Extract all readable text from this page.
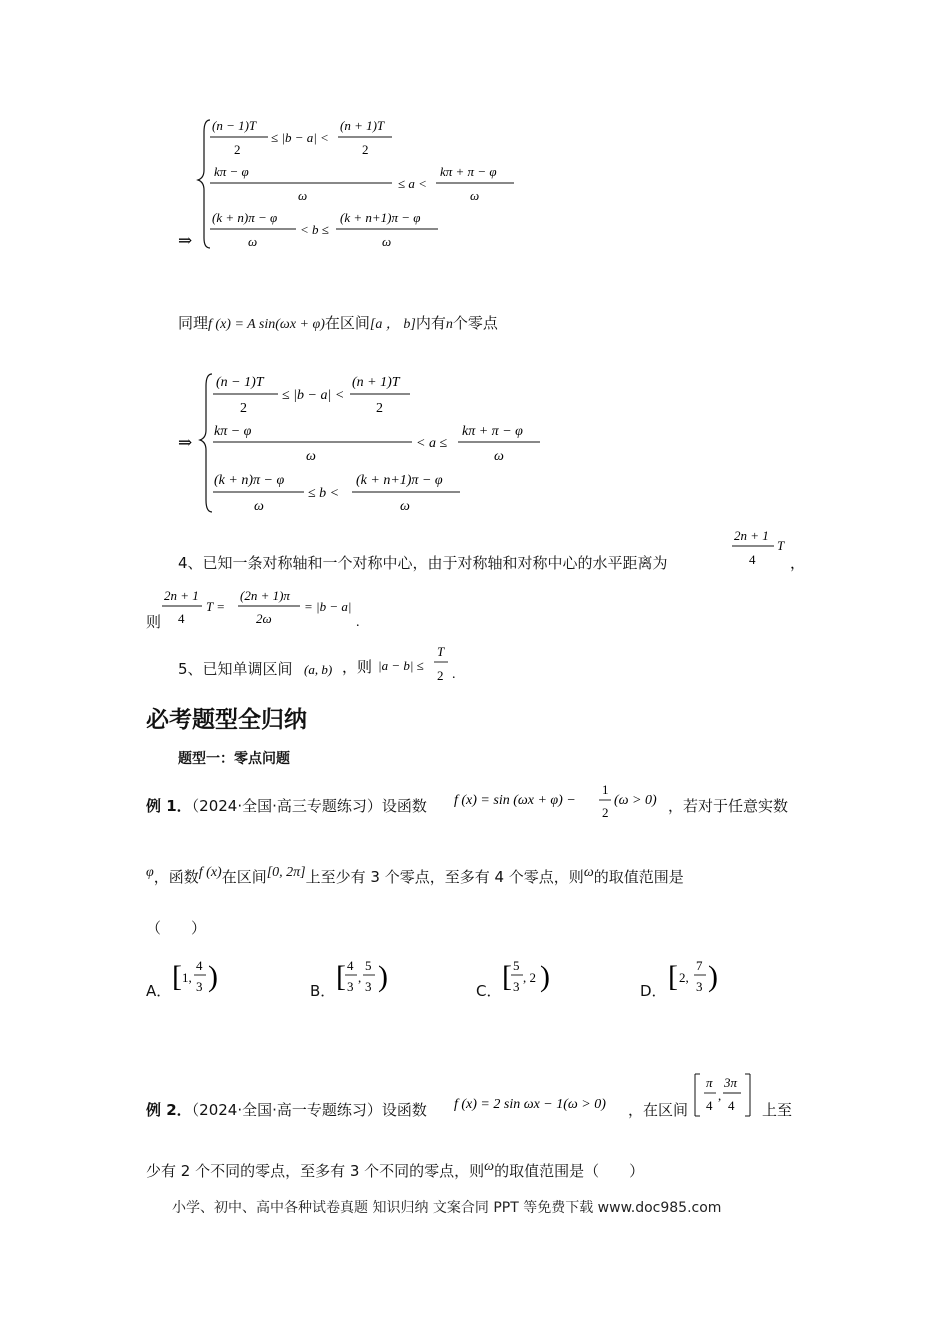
⇒
(n − 1)T
2
≤ |b − a| <
(n + 1)T
2
kπ − φ
ω
≤ a <
kπ + π − φ
ω
(k + n)π − φ
ω
< b ≤
(k + n+1)π − φ
ω
同理f (x) = A sin(ωx + φ)在区间[a ， b]内有n个零点
⇒
(n − 1)T
2
≤ |b − a| <
(n + 1)T
2
kπ − φ
ω
< a ≤
kπ + π − φ
ω
(k + n)π − φ
ω
≤ b <
(k + n+1)π − φ
ω
4、已知一条对称轴和一个对称中心，由于对称轴和对称中心的水平距离为
2n + 1
4
T
，
则
2n + 1
4
T =
(2n + 1)π
2ω
= |b − a|
.
5、已知单调区间 (a, b) ，则 |a − b| ≤
T
2 .
必考题型全归纳
题型一：零点问题
例 1．（2024·全国·高三专题练习）设函数 f (x) = sin (ωx + φ) −
1
2
(ω > 0) ，若对于任意实数
φ，函数f (x)在区间[0, 2π]上至少有 3 个零点，至多有 4 个零点，则ω的取值范围是
（　　）
A． [ 1,
4
3 )	B． [ 4
3
,
5
3 )	C． [ 5
3
, 2 )	D． [ 2,
7
3 )
例 2．（2024·全国·高一专题练习）设函数 f (x) = 2 sin ωx − 1(ω > 0) ，在区间
π
4
,
3π
4 上至
少有 2 个不同的零点，至多有 3 个不同的零点，则ω的取值范围是（　　）
小学、初中、高中各种试卷真题 知识归纳 文案合同 PPT 等免费下载 www.doc985.com
